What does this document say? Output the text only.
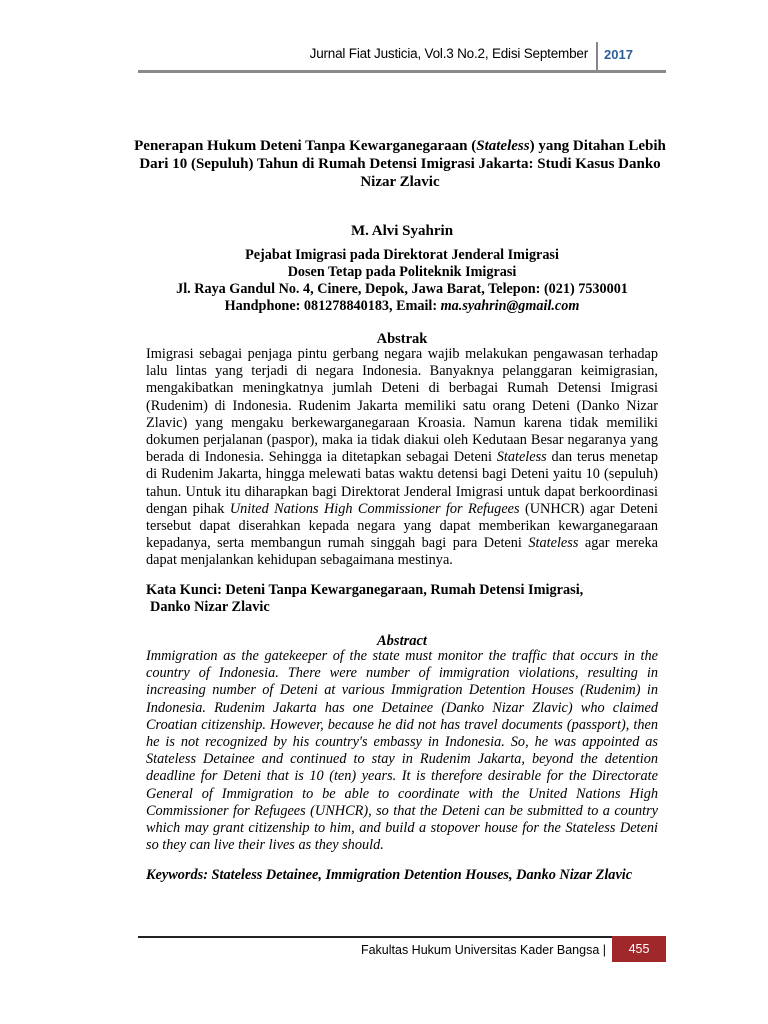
Jurnal Fiat Justicia, Vol.3 No.2, Edisi September 2017
Penerapan Hukum Deteni Tanpa Kewarganegaraan (Stateless) yang Ditahan Lebih Dari 10 (Sepuluh) Tahun di Rumah Detensi Imigrasi Jakarta: Studi Kasus Danko Nizar Zlavic
M. Alvi Syahrin
Pejabat Imigrasi pada Direktorat Jenderal Imigrasi
Dosen Tetap pada Politeknik Imigrasi
Jl. Raya Gandul No. 4, Cinere, Depok, Jawa Barat, Telepon: (021) 7530001
Handphone: 081278840183, Email: ma.syahrin@gmail.com
Abstrak
Imigrasi sebagai penjaga pintu gerbang negara wajib melakukan pengawasan terhadap lalu lintas yang terjadi di negara Indonesia. Banyaknya pelanggaran keimigrasian, mengakibatkan meningkatnya jumlah Deteni di berbagai Rumah Detensi Imigrasi (Rudenim) di Indonesia. Rudenim Jakarta memiliki satu orang Deteni (Danko Nizar Zlavic) yang mengaku berkewarganegaraan Kroasia. Namun karena tidak memiliki dokumen perjalanan (paspor), maka ia tidak diakui oleh Kedutaan Besar negaranya yang berada di Indonesia. Sehingga ia ditetapkan sebagai Deteni Stateless dan terus menetap di Rudenim Jakarta, hingga melewati batas waktu detensi bagi Deteni yaitu 10 (sepuluh) tahun. Untuk itu diharapkan bagi Direktorat Jenderal Imigrasi untuk dapat berkoordinasi dengan pihak United Nations High Commissioner for Refugees (UNHCR) agar Deteni tersebut dapat diserahkan kepada negara yang dapat memberikan kewarganegaraan kepadanya, serta membangun rumah singgah bagi para Deteni Stateless agar mereka dapat menjalankan kehidupan sebagaimana mestinya.
Kata Kunci: Deteni Tanpa Kewarganegaraan, Rumah Detensi Imigrasi,
Danko Nizar Zlavic
Abstract
Immigration as the gatekeeper of the state must monitor the traffic that occurs in the country of Indonesia. There were number of immigration violations, resulting in increasing number of Deteni at various Immigration Detention Houses (Rudenim) in Indonesia. Rudenim Jakarta has one Detainee (Danko Nizar Zlavic) who claimed Croatian citizenship. However, because he did not has travel documents (passport), then he is not recognized by his country's embassy in Indonesia. So, he was appointed as Stateless Detainee and continued to stay in Rudenim Jakarta, beyond the detention deadline for Deteni that is 10 (ten) years. It is therefore desirable for the Directorate General of Immigration to be able to coordinate with the United Nations High Commissioner for Refugees (UNHCR), so that the Deteni can be submitted to a country which may grant citizenship to him, and build a stopover house for the Stateless Deteni so they can live their lives as they should.
Keywords: Stateless Detainee, Immigration Detention Houses, Danko Nizar Zlavic
Fakultas Hukum Universitas Kader Bangsa |	455
